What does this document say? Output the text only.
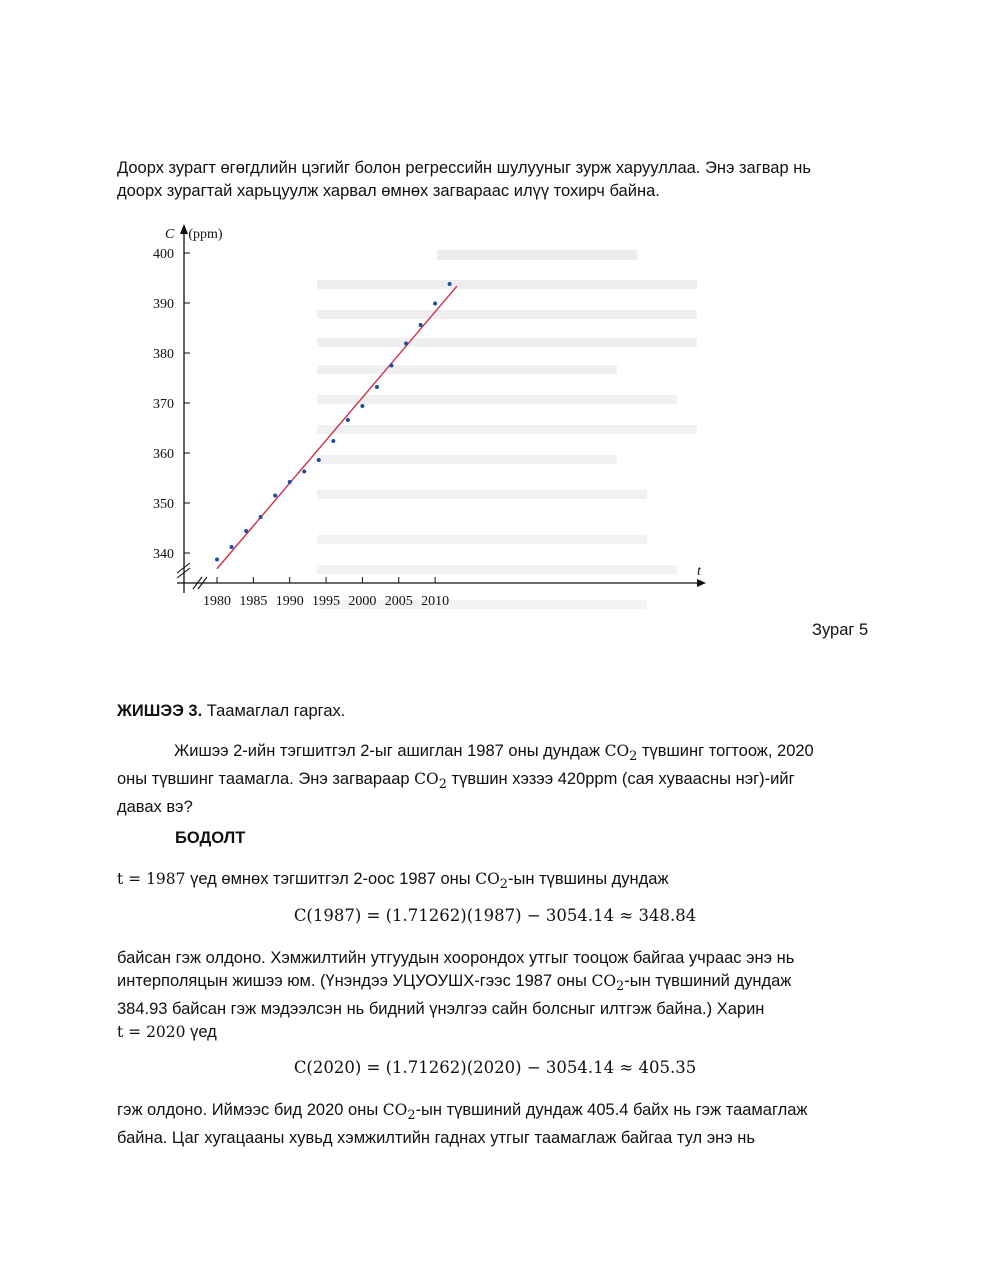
Доорх зурагт өгөгдлийн цэгийг болон регрессийн шулууныг зурж харууллаа. Энэ загвар нь
доорх зурагтай харьцуулж харвал өмнөх загвараас илүү тохирч байна.

1980 1985 1990 1995 2000 2005 2010
340
350
360
370
380
390
400
C (ppm)
t
Зураг 5

ЖИШЭЭ 3. Таамаглал гаргах.

Жишээ 2-ийн тэгшитгэл 2-ыг ашиглан 1987 оны дундаж $CO_2$ түвшинг тогтоож, 2020
оны түвшинг таамагла. Энэ загвараар $CO_2$ түвшин хэзээ 420ppm (сая хуваасны нэг)-ийг
давах вэ?

БОДОЛТ

t = 1987 үед өмнөх тэгшитгэл 2-оос 1987 оны $CO_2-ын$ түвшины дундаж

C(1987) = (1.71262)(1987) − 3054.14 ≈ 348.84

байсан гэж олдоно. Хэмжилтийн утгуудын хоорондох утгыг тооцож байгаа учраас энэ нь
интерполяцын жишээ юм. (Үнэндээ УЦУОУШХ-гээс 1987 оны $CO_2-ын$ түвшиний дундаж
384.93 байсан гэж мэдээлсэн нь бидний үнэлгээ сайн болсныг илтгэж байна.) Харин
t = 2020 үед

C(2020) = (1.71262)(2020) − 3054.14 ≈ 405.35

гэж олдоно. Иймээс бид 2020 оны $CO_2-ын$ түвшиний дундаж 405.4 байх нь гэж таамаглаж
байна. Цаг хугацааны хувьд хэмжилтийн гаднах утгыг таамаглаж байгаа тул энэ нь
